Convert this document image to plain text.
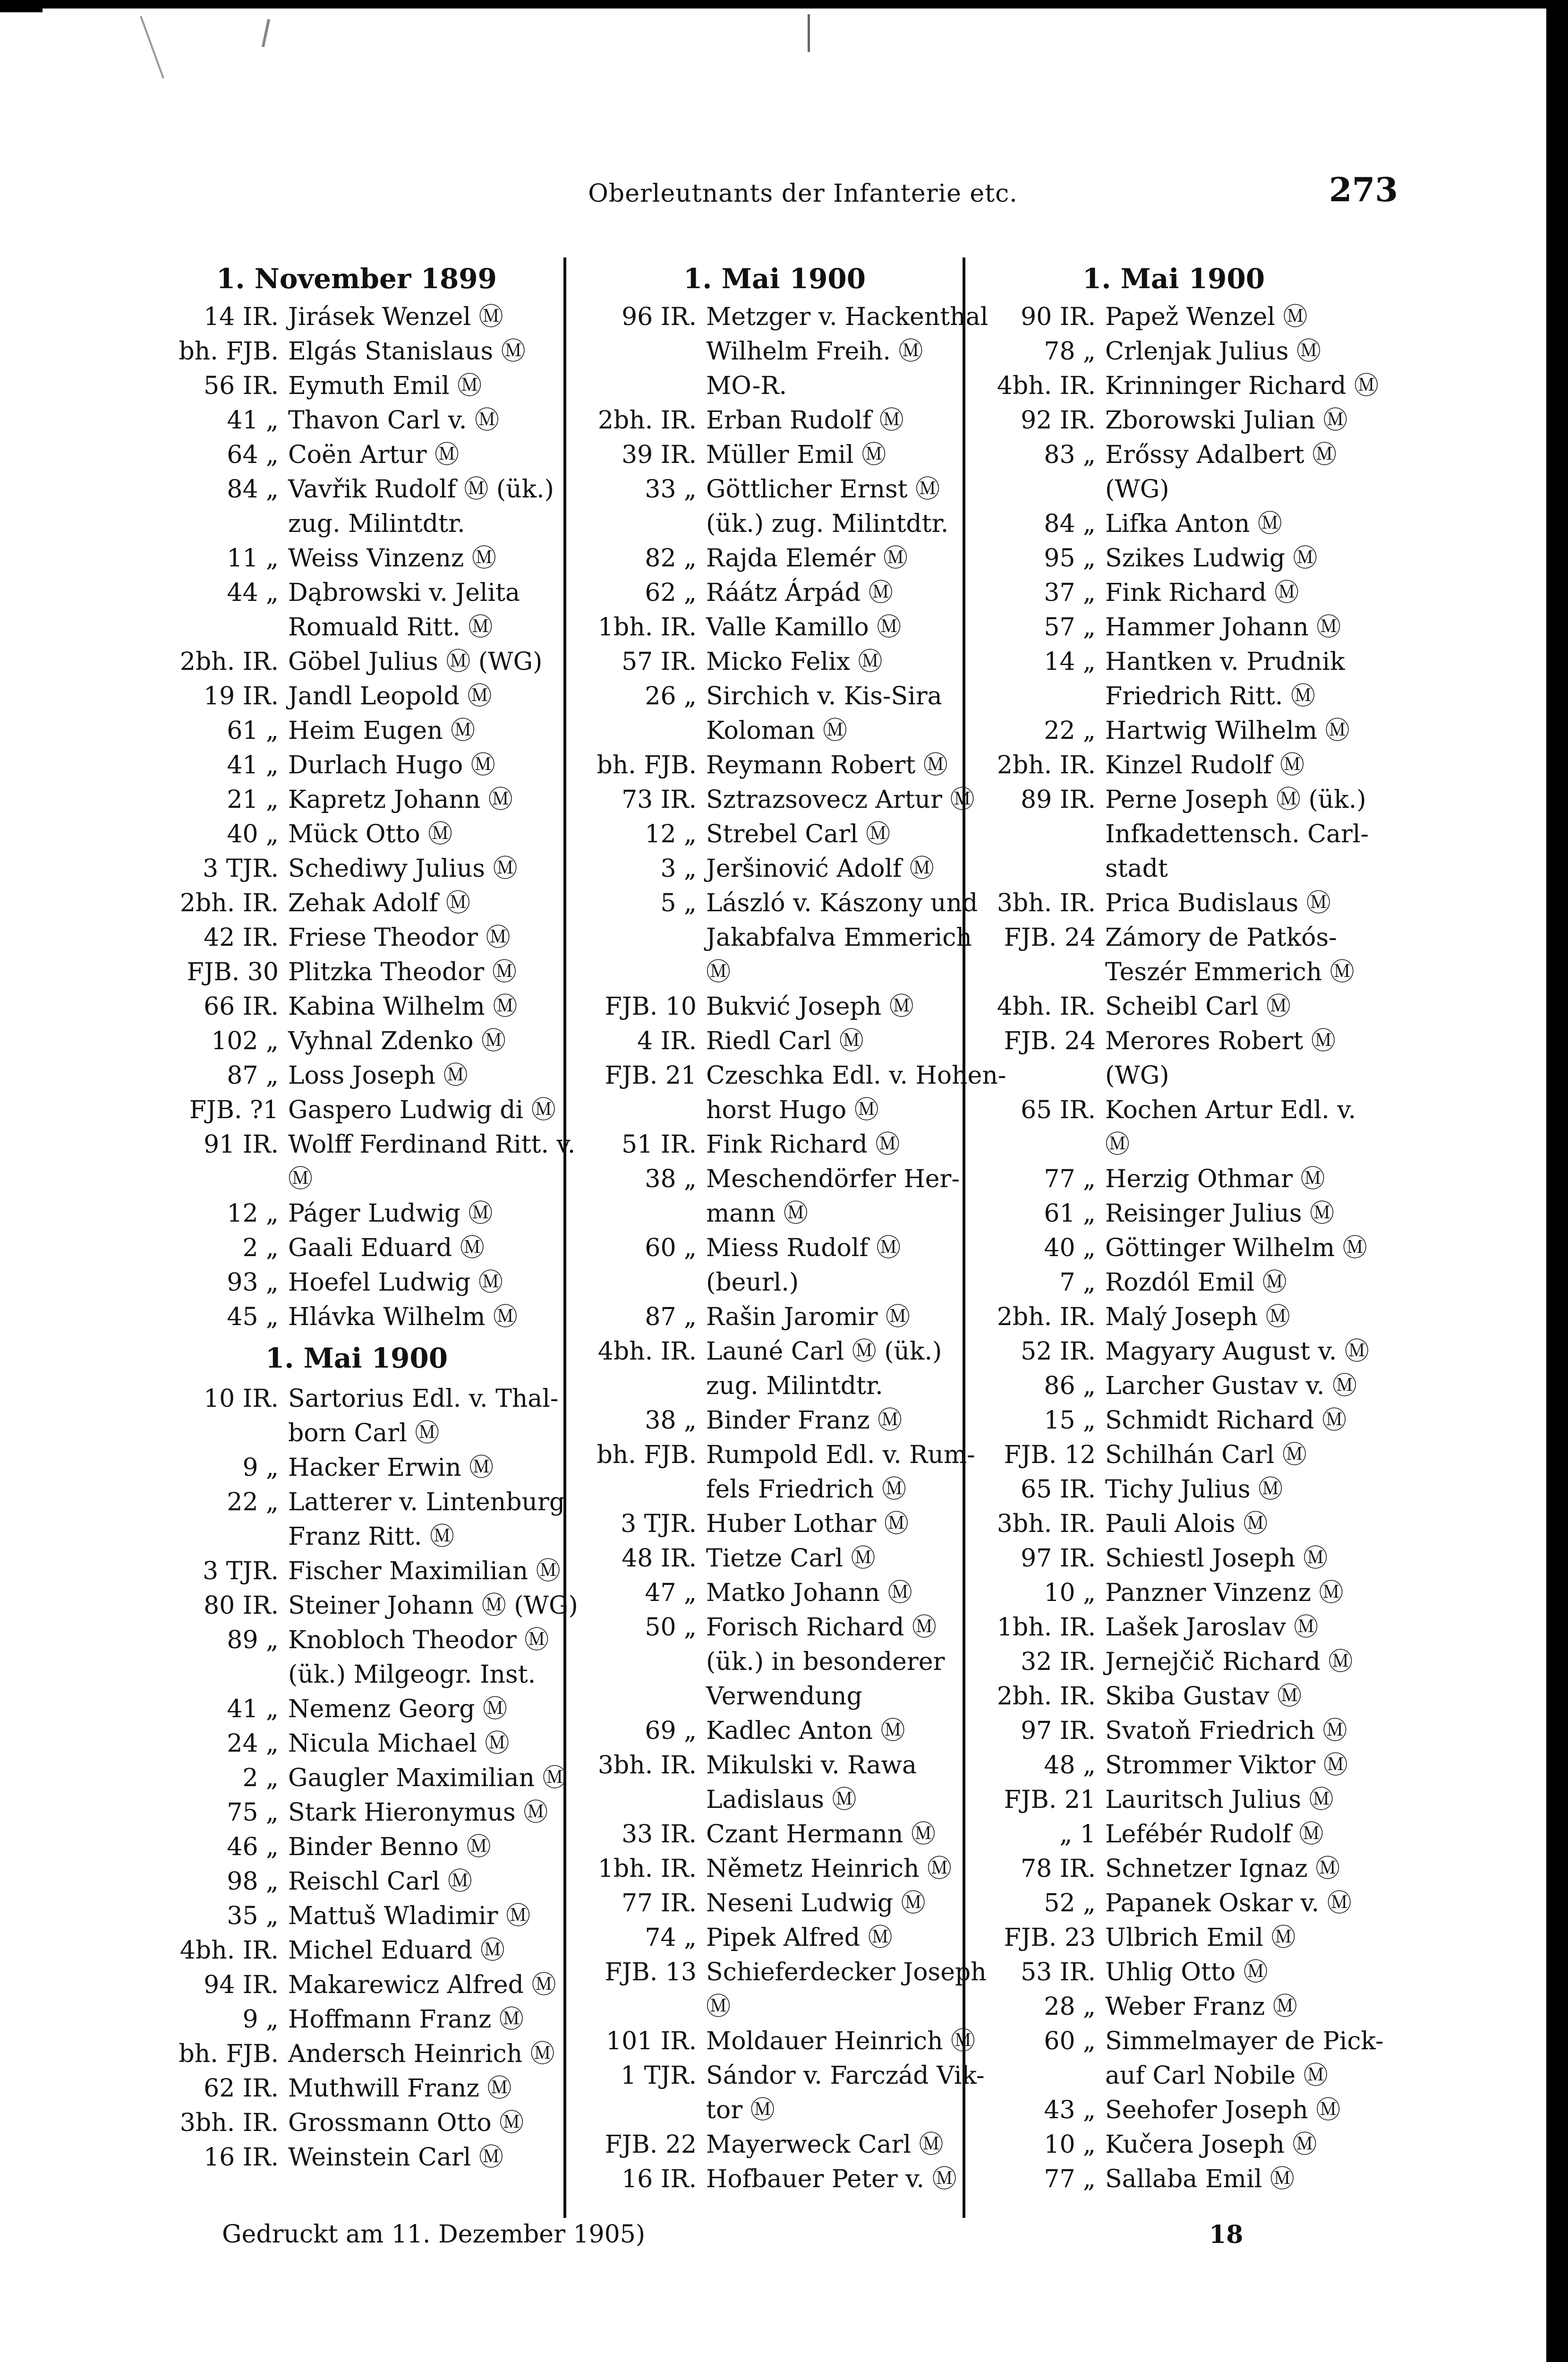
Oberleutnants der Infanterie etc.	273
1. November 1899
14 IR. Jirásek Wenzel Ⓜ
bh. FJB. Elgás Stanislaus Ⓜ
56 IR. Eymuth Emil Ⓜ
41 „ Thavon Carl v. Ⓜ
64 „ Coën Artur Ⓜ
84 „ Vavřik Rudolf Ⓜ (ük.)
zug. Milintdtr.
11 „ Weiss Vinzenz Ⓜ
44 „ Dąbrowski v. Jelita
Romuald Ritt. Ⓜ
2bh. IR. Göbel Julius Ⓜ (WG)
19 IR. Jandl Leopold Ⓜ
61 „ Heim Eugen Ⓜ
41 „ Durlach Hugo Ⓜ
21 „ Kapretz Johann Ⓜ
40 „ Mück Otto Ⓜ
3 TJR. Schediwy Julius Ⓜ
2bh. IR. Zehak Adolf Ⓜ
42 IR. Friese Theodor Ⓜ
FJB. 30 Plitzka Theodor Ⓜ
66 IR. Kabina Wilhelm Ⓜ
102 „ Vyhnal Zdenko Ⓜ
87 „ Loss Joseph Ⓜ
FJB. ?1 Gaspero Ludwig di Ⓜ
91 IR. Wolff Ferdinand Ritt. v.
Ⓜ
12 „ Páger Ludwig Ⓜ
2 „ Gaali Eduard Ⓜ
93 „ Hoefel Ludwig Ⓜ
45 „ Hlávka Wilhelm Ⓜ
1. Mai 1900
10 IR. Sartorius Edl. v. Thal-
born Carl Ⓜ
9 „ Hacker Erwin Ⓜ
22 „ Latterer v. Lintenburg
Franz Ritt. Ⓜ
3 TJR. Fischer Maximilian Ⓜ
80 IR. Steiner Johann Ⓜ (WG)
89 „ Knobloch Theodor Ⓜ
(ük.) Milgeogr. Inst.
41 „ Nemenz Georg Ⓜ
24 „ Nicula Michael Ⓜ
2 „ Gaugler Maximilian Ⓜ
75 „ Stark Hieronymus Ⓜ
46 „ Binder Benno Ⓜ
98 „ Reischl Carl Ⓜ
35 „ Mattuš Wladimir Ⓜ
4bh. IR. Michel Eduard Ⓜ
94 IR. Makarewicz Alfred Ⓜ
9 „ Hoffmann Franz Ⓜ
bh. FJB. Andersch Heinrich Ⓜ
62 IR. Muthwill Franz Ⓜ
3bh. IR. Grossmann Otto Ⓜ
16 IR. Weinstein Carl Ⓜ
1. Mai 1900
96 IR. Metzger v. Hackenthal
Wilhelm Freih. Ⓜ
MO-R.
2bh. IR. Erban Rudolf Ⓜ
39 IR. Müller Emil Ⓜ
33 „ Göttlicher Ernst Ⓜ
(ük.) zug. Milintdtr.
82 „ Rajda Elemér Ⓜ
62 „ Ráátz Árpád Ⓜ
1bh. IR. Valle Kamillo Ⓜ
57 IR. Micko Felix Ⓜ
26 „ Sirchich v. Kis-Sira
Koloman Ⓜ
bh. FJB. Reymann Robert Ⓜ
73 IR. Sztrazsovecz Artur Ⓜ
12 „ Strebel Carl Ⓜ
3 „ Jeršinović Adolf Ⓜ
5 „ László v. Kászony und
Jakabfalva Emmerich
Ⓜ
FJB. 10 Bukvić Joseph Ⓜ
4 IR. Riedl Carl Ⓜ
FJB. 21 Czeschka Edl. v. Hohen-
horst Hugo Ⓜ
51 IR. Fink Richard Ⓜ
38 „ Meschendörfer Her-
mann Ⓜ
60 „ Miess Rudolf Ⓜ
(beurl.)
87 „ Rašin Jaromir Ⓜ
4bh. IR. Launé Carl Ⓜ (ük.)
zug. Milintdtr.
38 „ Binder Franz Ⓜ
bh. FJB. Rumpold Edl. v. Rum-
fels Friedrich Ⓜ
3 TJR. Huber Lothar Ⓜ
48 IR. Tietze Carl Ⓜ
47 „ Matko Johann Ⓜ
50 „ Forisch Richard Ⓜ
(ük.) in besonderer
Verwendung
69 „ Kadlec Anton Ⓜ
3bh. IR. Mikulski v. Rawa
Ladislaus Ⓜ
33 IR. Czant Hermann Ⓜ
1bh. IR. Němetz Heinrich Ⓜ
77 IR. Neseni Ludwig Ⓜ
74 „ Pipek Alfred Ⓜ
FJB. 13 Schieferdecker Joseph
Ⓜ
101 IR. Moldauer Heinrich Ⓜ
1 TJR. Sándor v. Farczád Vik-
tor Ⓜ
FJB. 22 Mayerweck Carl Ⓜ
16 IR. Hofbauer Peter v. Ⓜ
1. Mai 1900
90 IR. Papež Wenzel Ⓜ
78 „ Crlenjak Julius Ⓜ
4bh. IR. Krinninger Richard Ⓜ
92 IR. Zborowski Julian Ⓜ
83 „ Erőssy Adalbert Ⓜ
(WG)
84 „ Lifka Anton Ⓜ
95 „ Szikes Ludwig Ⓜ
37 „ Fink Richard Ⓜ
57 „ Hammer Johann Ⓜ
14 „ Hantken v. Prudnik
Friedrich Ritt. Ⓜ
22 „ Hartwig Wilhelm Ⓜ
2bh. IR. Kinzel Rudolf Ⓜ
89 IR. Perne Joseph Ⓜ (ük.)
Infkadettensch. Carl-
stadt
3bh. IR. Prica Budislaus Ⓜ
FJB. 24 Zámory de Patkós-
Teszér Emmerich Ⓜ
4bh. IR. Scheibl Carl Ⓜ
FJB. 24 Merores Robert Ⓜ
(WG)
65 IR. Kochen Artur Edl. v.
Ⓜ
77 „ Herzig Othmar Ⓜ
61 „ Reisinger Julius Ⓜ
40 „ Göttinger Wilhelm Ⓜ
7 „ Rozdól Emil Ⓜ
2bh. IR. Malý Joseph Ⓜ
52 IR. Magyary August v. Ⓜ
86 „ Larcher Gustav v. Ⓜ
15 „ Schmidt Richard Ⓜ
FJB. 12 Schilhán Carl Ⓜ
65 IR. Tichy Julius Ⓜ
3bh. IR. Pauli Alois Ⓜ
97 IR. Schiestl Joseph Ⓜ
10 „ Panzner Vinzenz Ⓜ
1bh. IR. Lašek Jaroslav Ⓜ
32 IR. Jernejčič Richard Ⓜ
2bh. IR. Skiba Gustav Ⓜ
97 IR. Svatoň Friedrich Ⓜ
48 „ Strommer Viktor Ⓜ
FJB. 21 Lauritsch Julius Ⓜ
„ 1 Lefébér Rudolf Ⓜ
78 IR. Schnetzer Ignaz Ⓜ
52 „ Papanek Oskar v. Ⓜ
FJB. 23 Ulbrich Emil Ⓜ
53 IR. Uhlig Otto Ⓜ
28 „ Weber Franz Ⓜ
60 „ Simmelmayer de Pick-
auf Carl Nobile Ⓜ
43 „ Seehofer Joseph Ⓜ
10 „ Kučera Joseph Ⓜ
77 „ Sallaba Emil Ⓜ
Gedruckt am 11. Dezember 1905)	18
